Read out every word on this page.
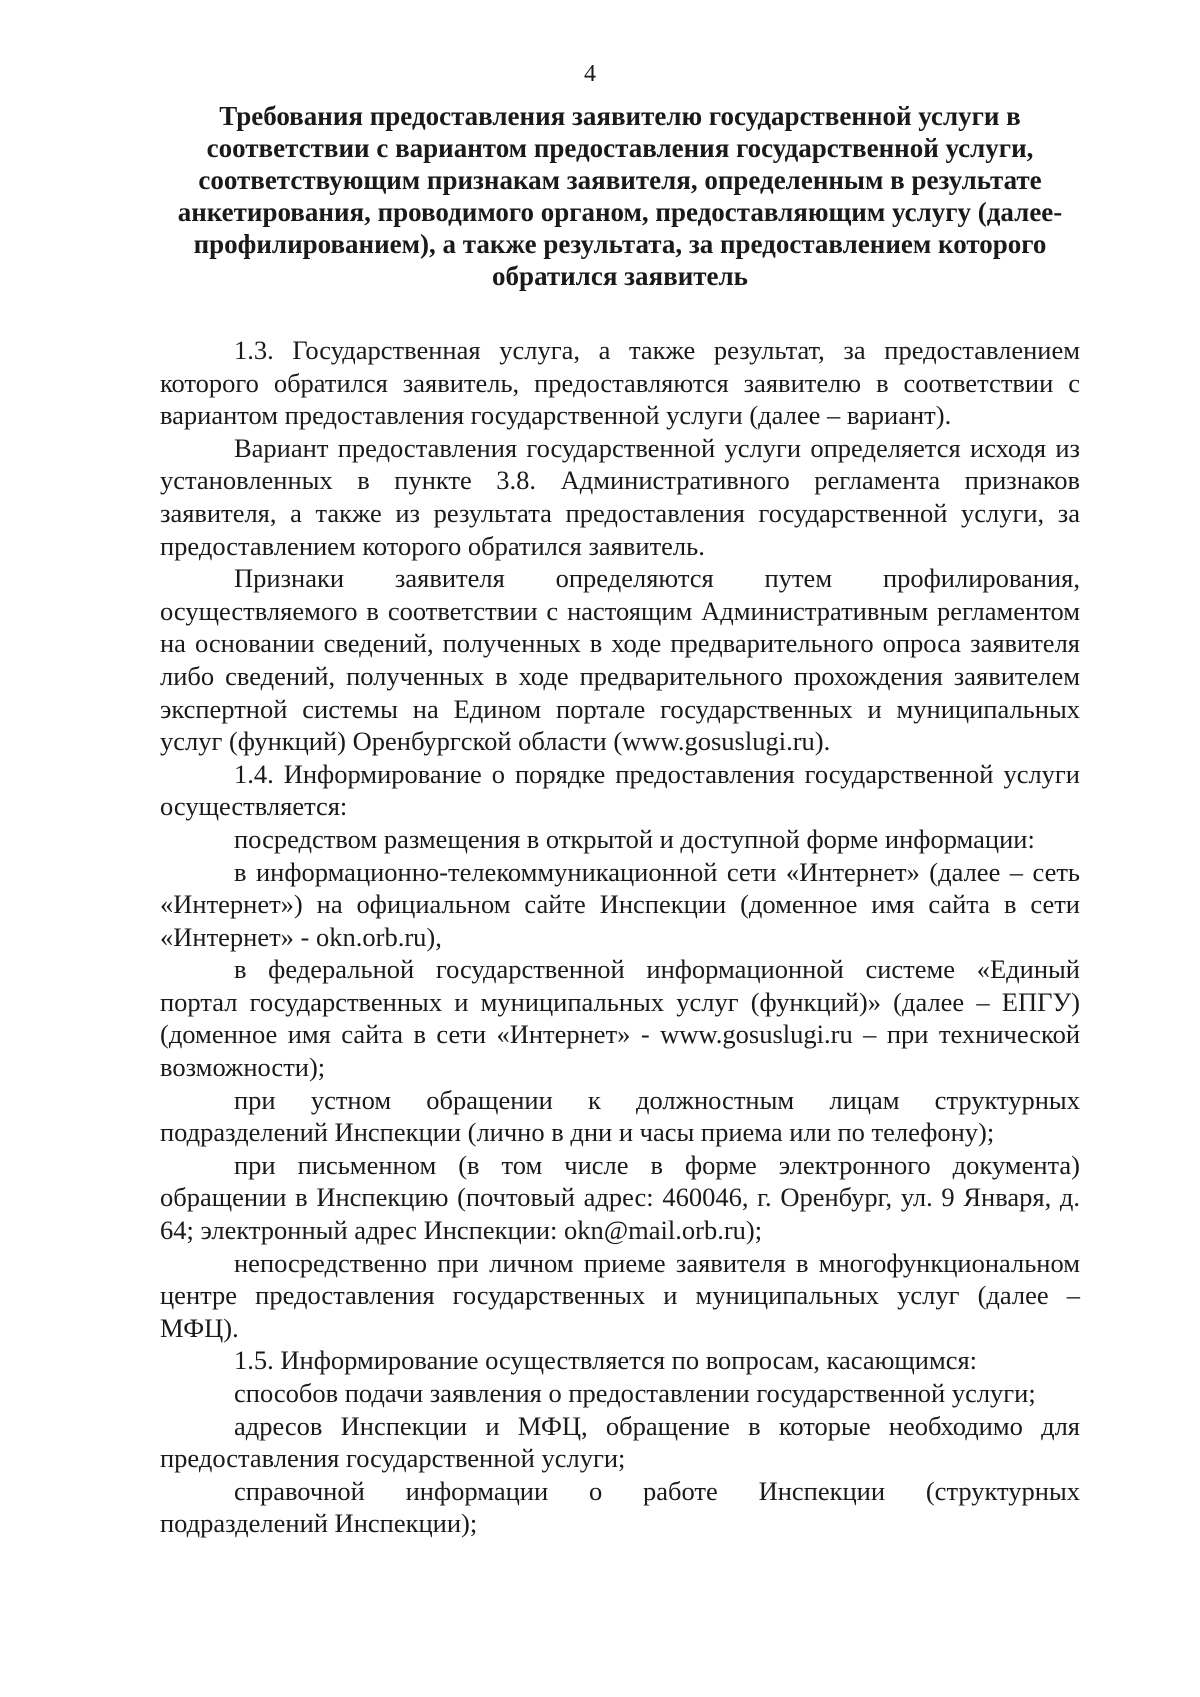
4
Требования предоставления заявителю государственной услуги в соответствии с вариантом предоставления государственной услуги, соответствующим признакам заявителя, определенным в результате анкетирования, проводимого органом, предоставляющим услугу (далее-профилированием), а также результата, за предоставлением которого обратился заявитель

1.3. Государственная услуга, а также результат, за предоставлением которого обратился заявитель, предоставляются заявителю в соответствии с вариантом предоставления государственной услуги (далее – вариант).

Вариант предоставления государственной услуги определяется исходя из установленных в пункте 3.8. Административного регламента признаков заявителя, а также из результата предоставления государственной услуги, за предоставлением которого обратился заявитель.

Признаки заявителя определяются путем профилирования, осуществляемого в соответствии с настоящим Административным регламентом на основании сведений, полученных в ходе предварительного опроса заявителя либо сведений, полученных в ходе предварительного прохождения заявителем экспертной системы на Едином портале государственных и муниципальных услуг (функций) Оренбургской области (www.gosuslugi.ru).

1.4. Информирование о порядке предоставления государственной услуги осуществляется:

посредством размещения в открытой и доступной форме информации:

в информационно-телекоммуникационной сети «Интернет» (далее – сеть «Интернет») на официальном сайте Инспекции (доменное имя сайта в сети «Интернет» - okn.orb.ru),

в федеральной государственной информационной системе «Единый портал государственных и муниципальных услуг (функций)» (далее – ЕПГУ) (доменное имя сайта в сети «Интернет» - www.gosuslugi.ru – при технической возможности);

при устном обращении к должностным лицам структурных подразделений Инспекции (лично в дни и часы приема или по телефону);

при письменном (в том числе в форме электронного документа) обращении в Инспекцию (почтовый адрес: 460046, г. Оренбург, ул. 9 Января, д. 64; электронный адрес Инспекции: okn@mail.orb.ru);

непосредственно при личном приеме заявителя в многофункциональном центре предоставления государственных и муниципальных услуг (далее – МФЦ).

1.5. Информирование осуществляется по вопросам, касающимся:

способов подачи заявления о предоставлении государственной услуги;

адресов Инспекции и МФЦ, обращение в которые необходимо для предоставления государственной услуги;

справочной информации о работе Инспекции (структурных подразделений Инспекции);
